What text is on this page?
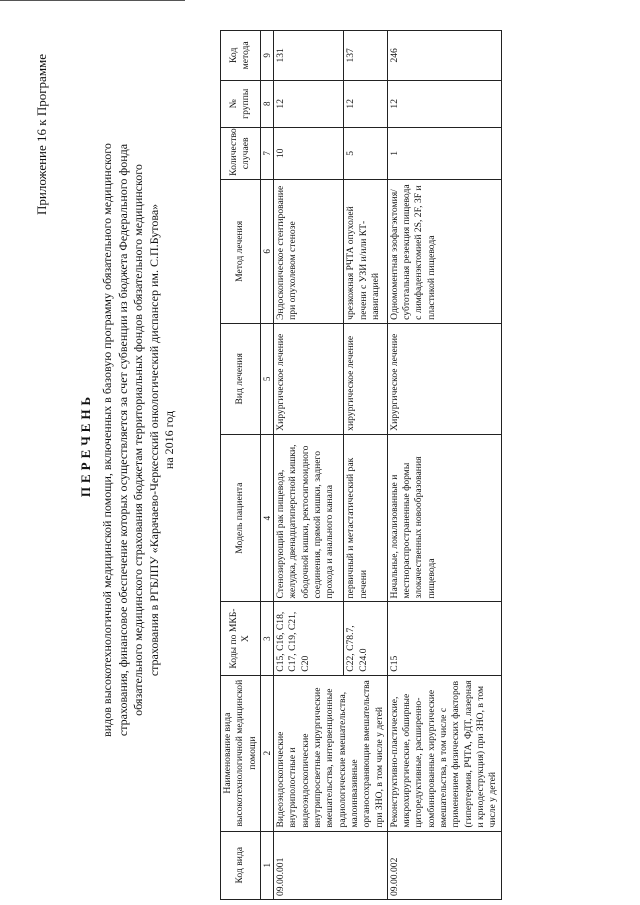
Приложение 16 к Программе
ПЕРЕЧЕНЬ видов высокотехнологичной медицинской помощи, включенных в базовую программу обязательного медицинского страхования, финансовое обеспечение которых осуществляется за счет субвенции из бюджета Федерального фонда обязательного медицинского страхования бюджетам территориальных фондов обязательного медицинского страхования в РГБЛПУ «Карачаево-Черкесский онкологический диспансер им. С.П.Бутова» на 2016 год

Код вида	Наименование вида высокотехнологичной медицинской помощи	Коды по МКБ-Х	Модель пациента	Вид лечения	Метод лечения	Количество случаев	№ группы	Код метода
1	2	3	4	5	6	7	8	9
09.00.001	Видеоэндоскопические внутриполостные и видеоэндоскопические внутрипросветные хирургические вмешательства, интервенционные радиологические вмешательства, малоинвазивные органосохраняющие вмешательства при ЗНО, в том числе у детей	С15, С16, С18, С17, С19, С21, С20	Стенозирующий рак пищевода, желудка, двенадцатиперстной кишки, ободочной кишки, ректосигмоидного соединения, прямой кишки, заднего прохода и анального канала	Хирургическое лечение	Эндоскопическое стентирование при опухолевом стенозе	10	12	131
		С22, С78.7, С24.0	первичный и метастатический рак печени	хирургическое лечение	чрезкожная РЧТА опухолей печени с УЗИ и/или КТ-навигацией	5	12	137
09.00.002	Реконструктивно-пластические, микрохирургические, обширные циторедуктивные, расширенно-комбинированные хирургические вмешательства, в том числе с применением физических факторов (гипертермия, РЧТА, ФДТ, лазерная и криодеструкция) при ЗНО, в том числе у детей	С15	Начальные, локализованные и местнораспространенные формы злокачественных новообразования пищевода	Хирургическое лечение	Одномоментная эзофагэктомия/ субтотальная резекция пищевода с лимфаденэктомией 2S, 2F, 3F и пластикой пищевода	1	12	246
